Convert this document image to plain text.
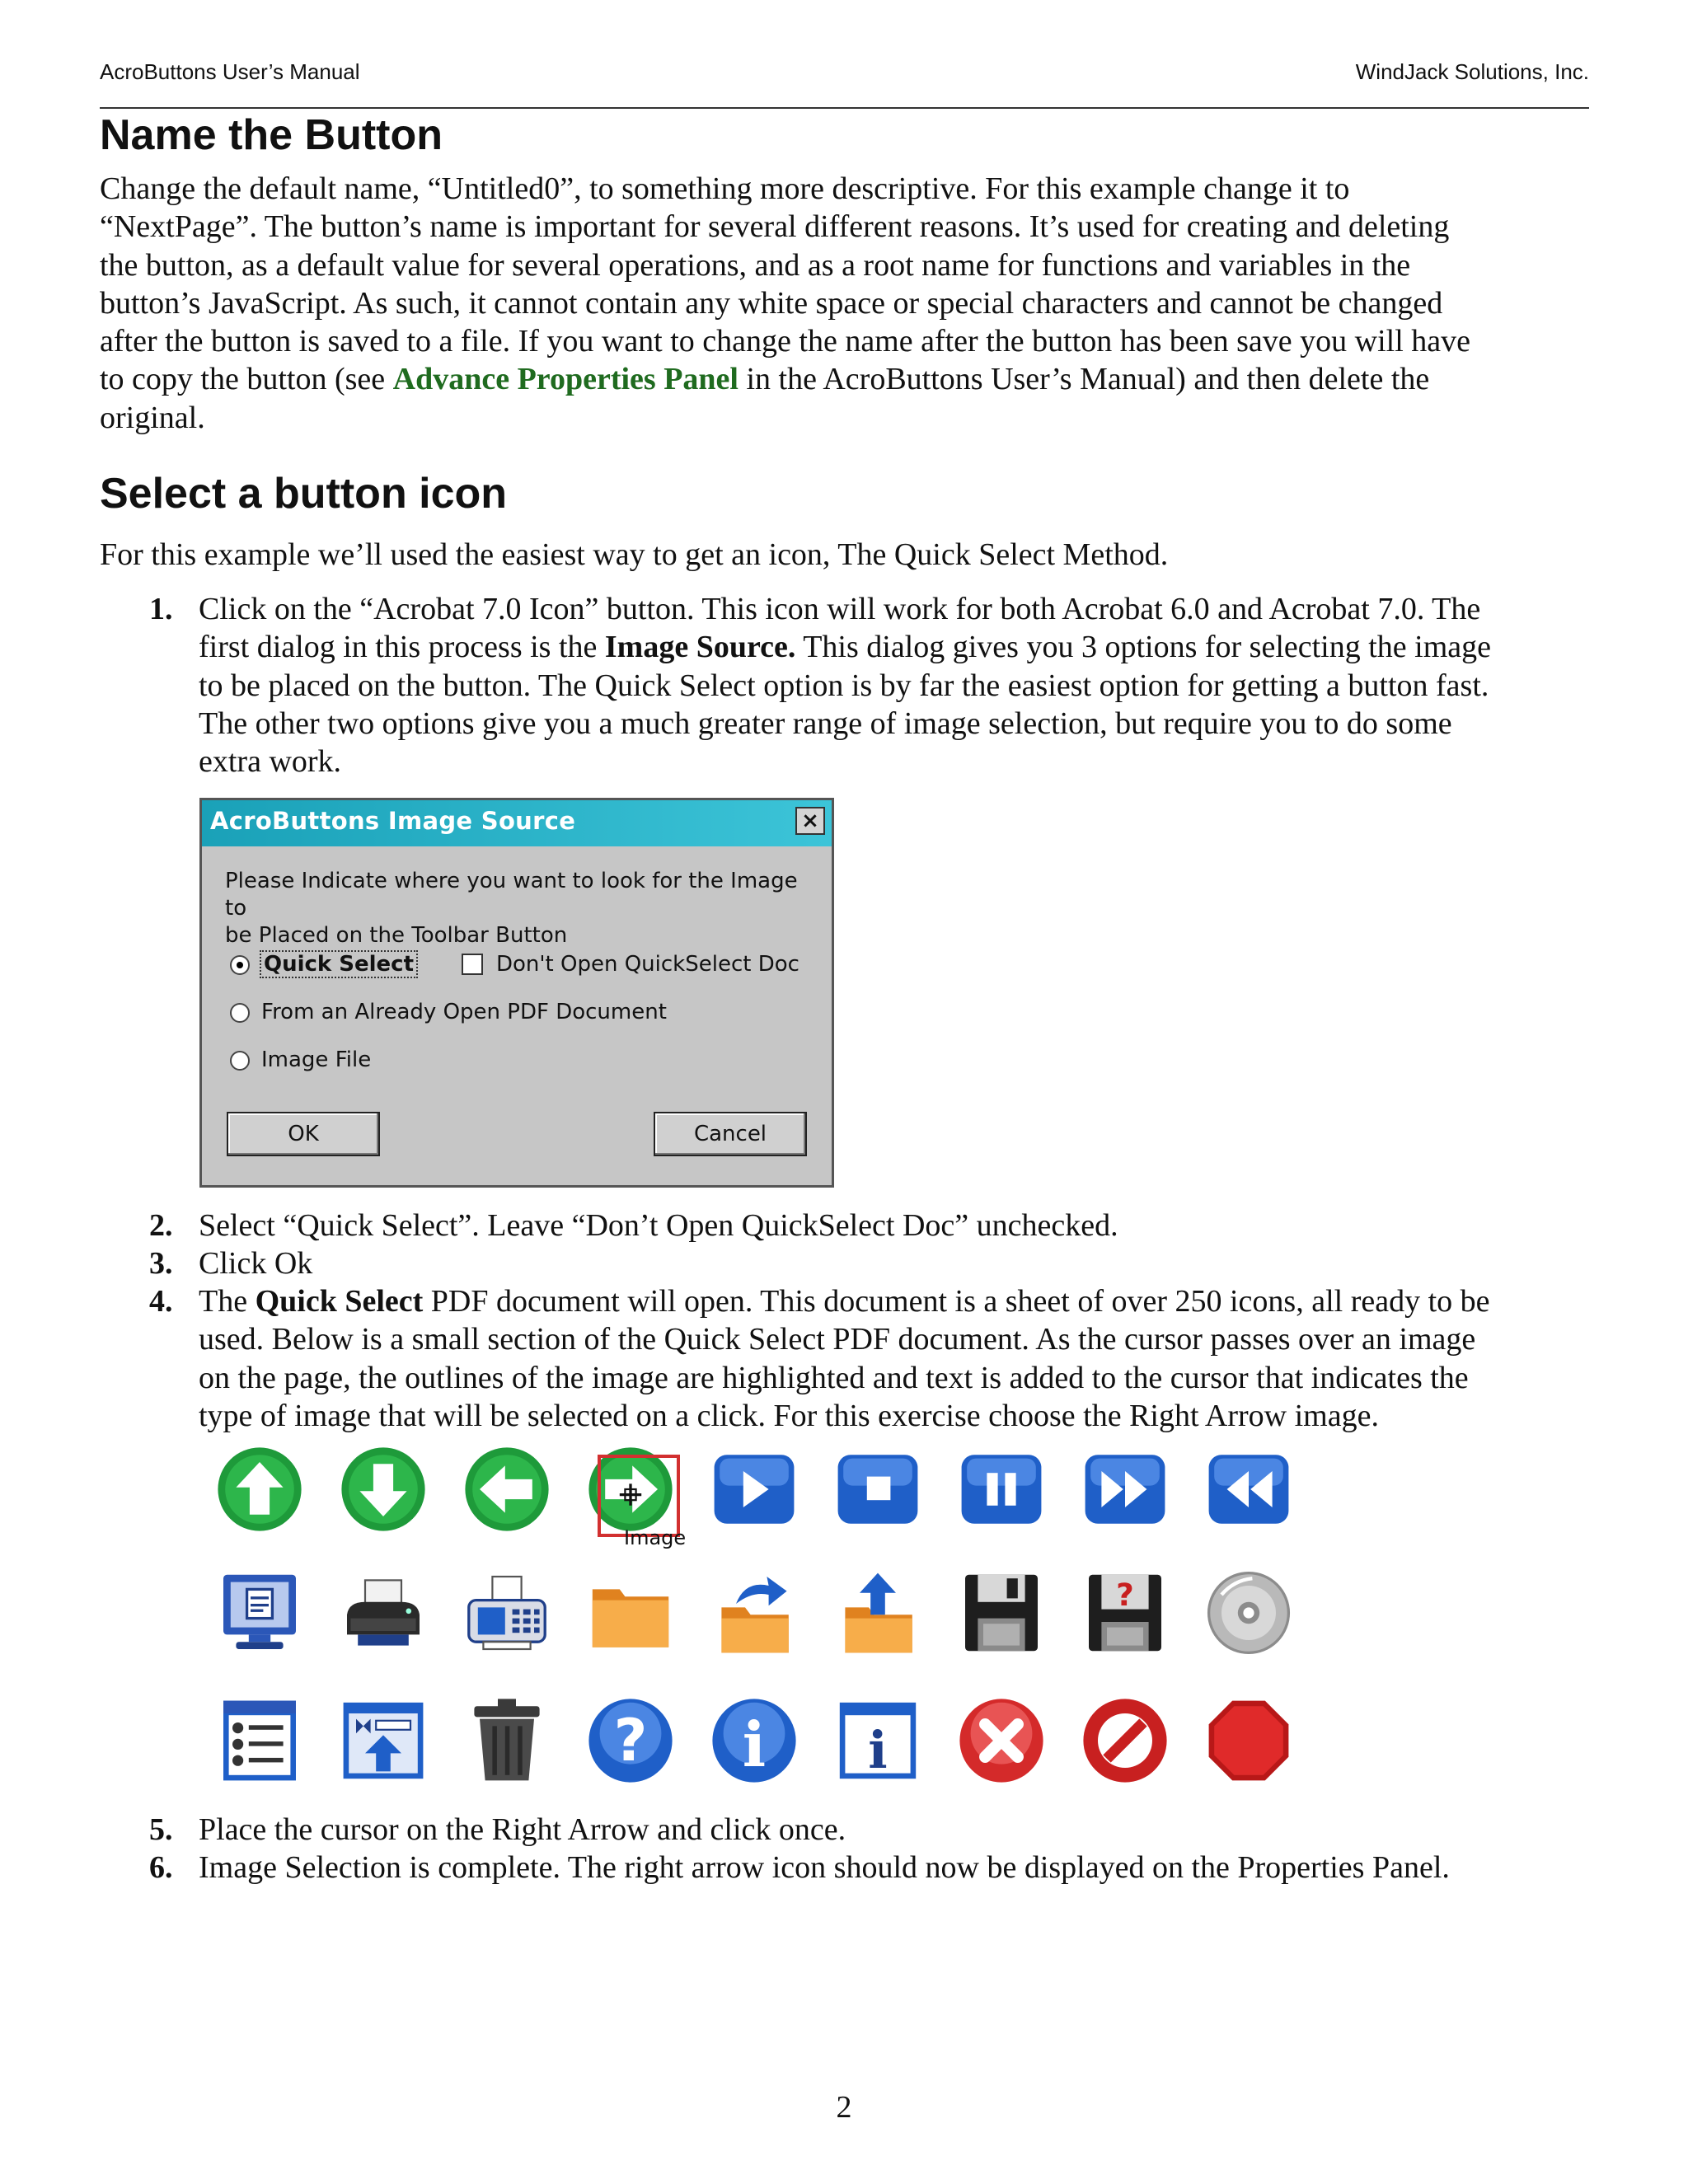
AcroButtons User’s Manual	WindJack Solutions, Inc.
Name the Button
Change the default name, “Untitled0”, to something more descriptive. For this example change it to
“NextPage”. The button’s name is important for several different reasons. It’s used for creating and deleting
the button, as a default value for several operations, and as a root name for functions and variables in the
button’s JavaScript. As such, it cannot contain any white space or special characters and cannot be changed
after the button is saved to a file. If you want to change the name after the button has been save you will have
to copy the button (see Advance Properties Panel in the AcroButtons User’s Manual) and then delete the
original.
Select a button icon
For this example we’ll used the easiest way to get an icon, The Quick Select Method.
1. Click on the “Acrobat 7.0 Icon” button. This icon will work for both Acrobat 6.0 and Acrobat 7.0. The
first dialog in this process is the Image Source. This dialog gives you 3 options for selecting the image
to be placed on the button. The Quick Select option is by far the easiest option for getting a button fast.
The other two options give you a much greater range of image selection, but require you to do some
extra work.
AcroButtons Image Source	×
Please Indicate where you want to look for the Image to
be Placed on the Toolbar Button
Quick Select	Don't Open QuickSelect Doc
From an Already Open PDF Document
Image File
OK	Cancel
2. Select “Quick Select”. Leave “Don’t Open QuickSelect Doc” unchecked.
3. Click Ok
4. The Quick Select PDF document will open. This document is a sheet of over 250 icons, all ready to be
used. Below is a small section of the Quick Select PDF document. As the cursor passes over an image
on the page, the outlines of the image are highlighted and text is added to the cursor that indicates the
type of image that will be selected on a click. For this exercise choose the Right Arrow image.
?
? i i
Image
5. Place the cursor on the Right Arrow and click once.
6. Image Selection is complete. The right arrow icon should now be displayed on the Properties Panel.
2
